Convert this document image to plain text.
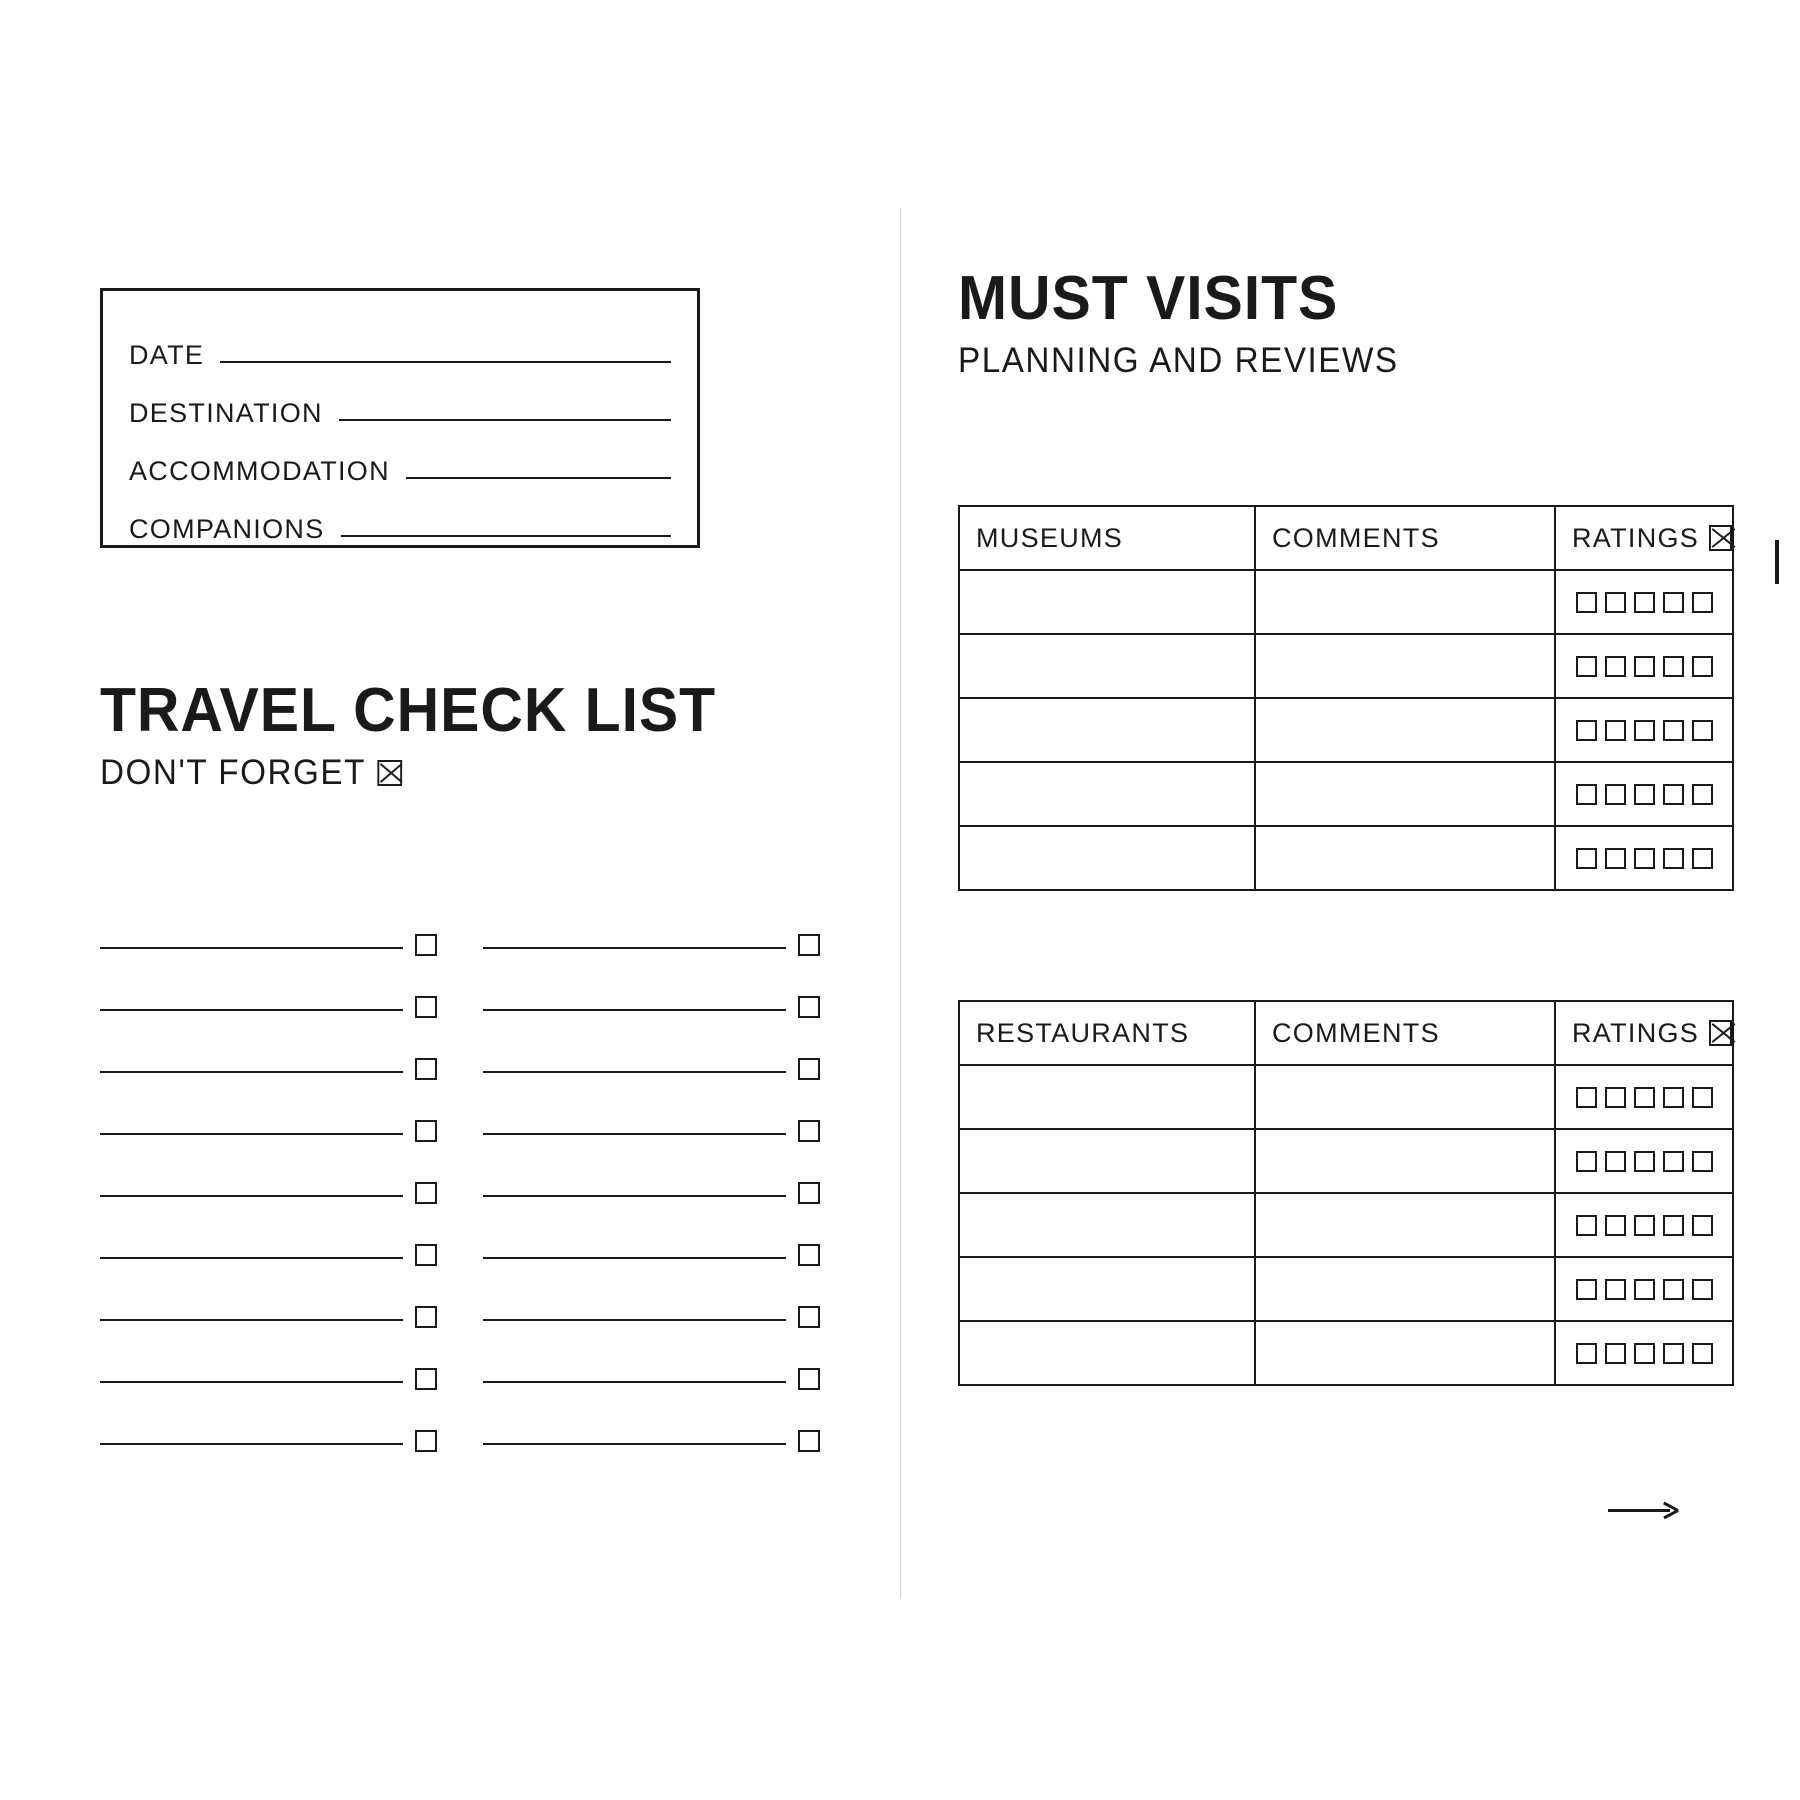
DATE
DESTINATION
ACCOMMODATION
COMPANIONS
TRAVEL CHECK LIST
DON'T FORGET
MUST VISITS
PLANNING AND REVIEWS
MUSEUMS	COMMENTS	RATINGS

RESTAURANTS	COMMENTS	RATINGS
